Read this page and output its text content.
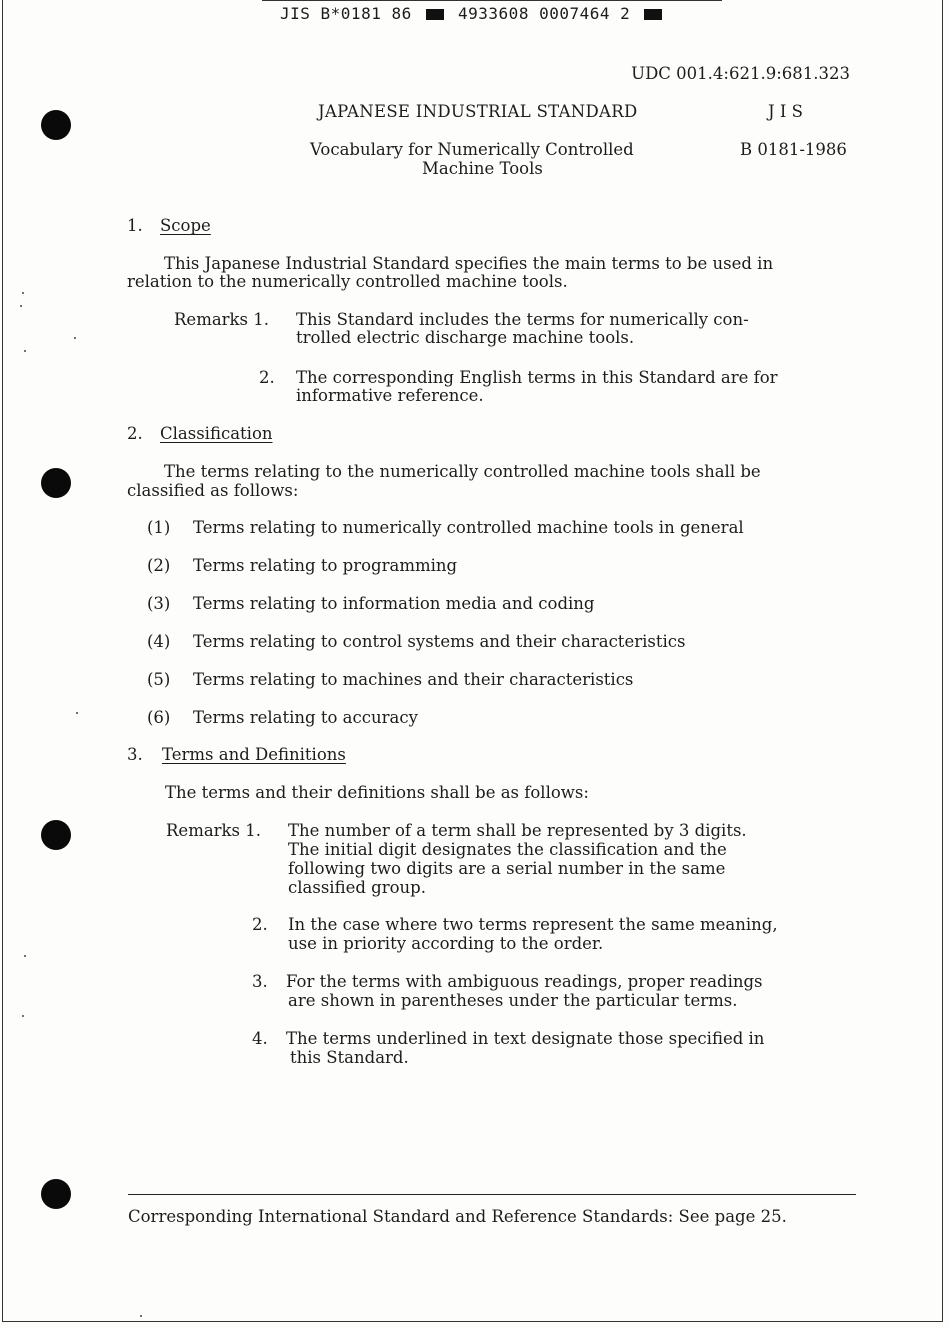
JIS B*0181 86	4933608 0007464 2
UDC 001.4:621.9:681.323
JAPANESE INDUSTRIAL STANDARD	J I S
Vocabulary for Numerically Controlled
Machine Tools
B 0181-1986
1. Scope
This Japanese Industrial Standard specifies the main terms to be used in
relation to the numerically controlled machine tools.
Remarks 1. This Standard includes the terms for numerically con-
trolled electric discharge machine tools.
2. The corresponding English terms in this Standard are for
informative reference.
2. Classification
The terms relating to the numerically controlled machine tools shall be
classified as follows:
(1) Terms relating to numerically controlled machine tools in general
(2) Terms relating to programming
(3) Terms relating to information media and coding
(4) Terms relating to control systems and their characteristics
(5) Terms relating to machines and their characteristics
(6) Terms relating to accuracy
3. Terms and Definitions
The terms and their definitions shall be as follows:
Remarks 1. The number of a term shall be represented by 3 digits.
The initial digit designates the classification and the
following two digits are a serial number in the same
classified group.
2. In the case where two terms represent the same meaning,
use in priority according to the order.
3. For the terms with ambiguous readings, proper readings
are shown in parentheses under the particular terms.
4. The terms underlined in text designate those specified in
this Standard.
Corresponding International Standard and Reference Standards: See page 25.
